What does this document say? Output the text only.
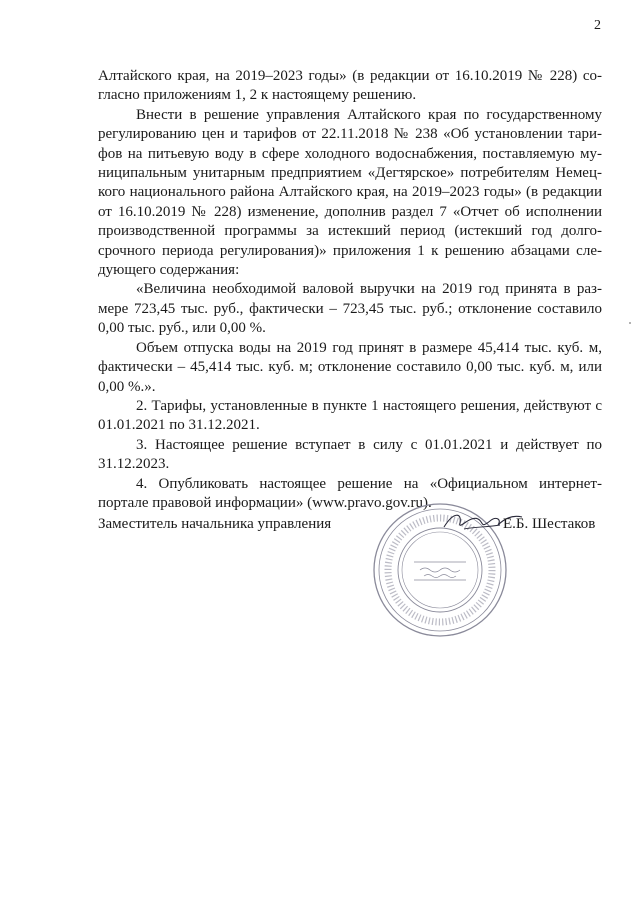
2

Алтайского края, на 2019–2023 годы» (в редакции от 16.10.2019 № 228) согласно приложениям 1, 2 к настоящему решению.

Внести в решение управления Алтайского края по государственному регулированию цен и тарифов от 22.11.2018 № 238 «Об установлении тарифов на питьевую воду в сфере холодного водоснабжения, поставляемую муниципальным унитарным предприятием «Дегтярское» потребителям Немецкого национального района Алтайского края, на 2019–2023 годы» (в редакции от 16.10.2019 № 228) изменение, дополнив раздел 7 «Отчет об исполнении производственной программы за истекший период (истекший год долгосрочного периода регулирования)» приложения 1 к решению абзацами следующего содержания:

«Величина необходимой валовой выручки на 2019 год принята в размере 723,45 тыс. руб., фактически – 723,45 тыс. руб.; отклонение составило 0,00 тыс. руб., или 0,00 %.

Объем отпуска воды на 2019 год принят в размере 45,414 тыс. куб. м, фактически – 45,414 тыс. куб. м; отклонение составило 0,00 тыс. куб. м, или 0,00 %.».

2. Тарифы, установленные в пункте 1 настоящего решения, действуют с 01.01.2021 по 31.12.2021.

3. Настоящее решение вступает в силу с 01.01.2021 и действует по 31.12.2023.

4. Опубликовать настоящее решение на «Официальном интернет-портале правовой информации» (www.pravo.gov.ru).

Заместитель начальника управления	Е.Б. Шестаков
